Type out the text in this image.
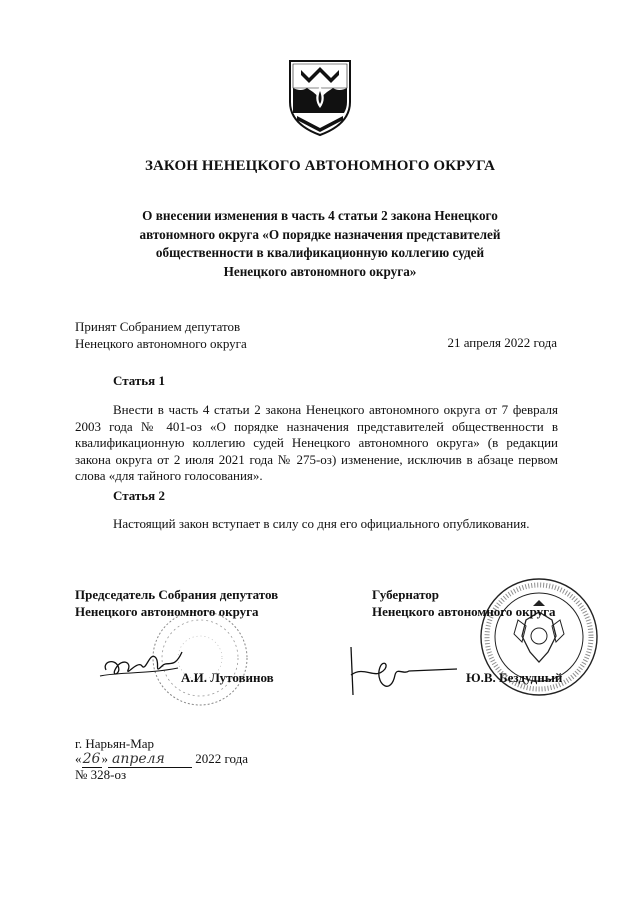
ЗАКОН НЕНЕЦКОГО АВТОНОМНОГО ОКРУГА
О внесении изменения в часть 4 статьи 2 закона Ненецкого
автономного округа «О порядке назначения представителей
общественности в квалификационную коллегию судей
Ненецкого автономного округа»
Принят Собранием депутатов
Ненецкого автономного округа	21 апреля 2022 года
Статья 1
Внести в часть 4 статьи 2 закона Ненецкого автономного округа от 7 февраля 2003 года № 401-оз «О порядке назначения представителей общественности в квалификационную коллегию судей Ненецкого автономного округа» (в редакции закона округа от 2 июля 2021 года № 275-оз) изменение, исключив в абзаце первом слова «для тайного голосования».
Статья 2
Настоящий закон вступает в силу со дня его официального опубликования.
Председатель Собрания депутатов
Ненецкого автономного округа
Губернатор
Ненецкого автономного округа
А.И. Лутовинов	Ю.В. Бездудный
г. Нарьян-Мар
«26» апреля 2022 года
№ 328-оз
